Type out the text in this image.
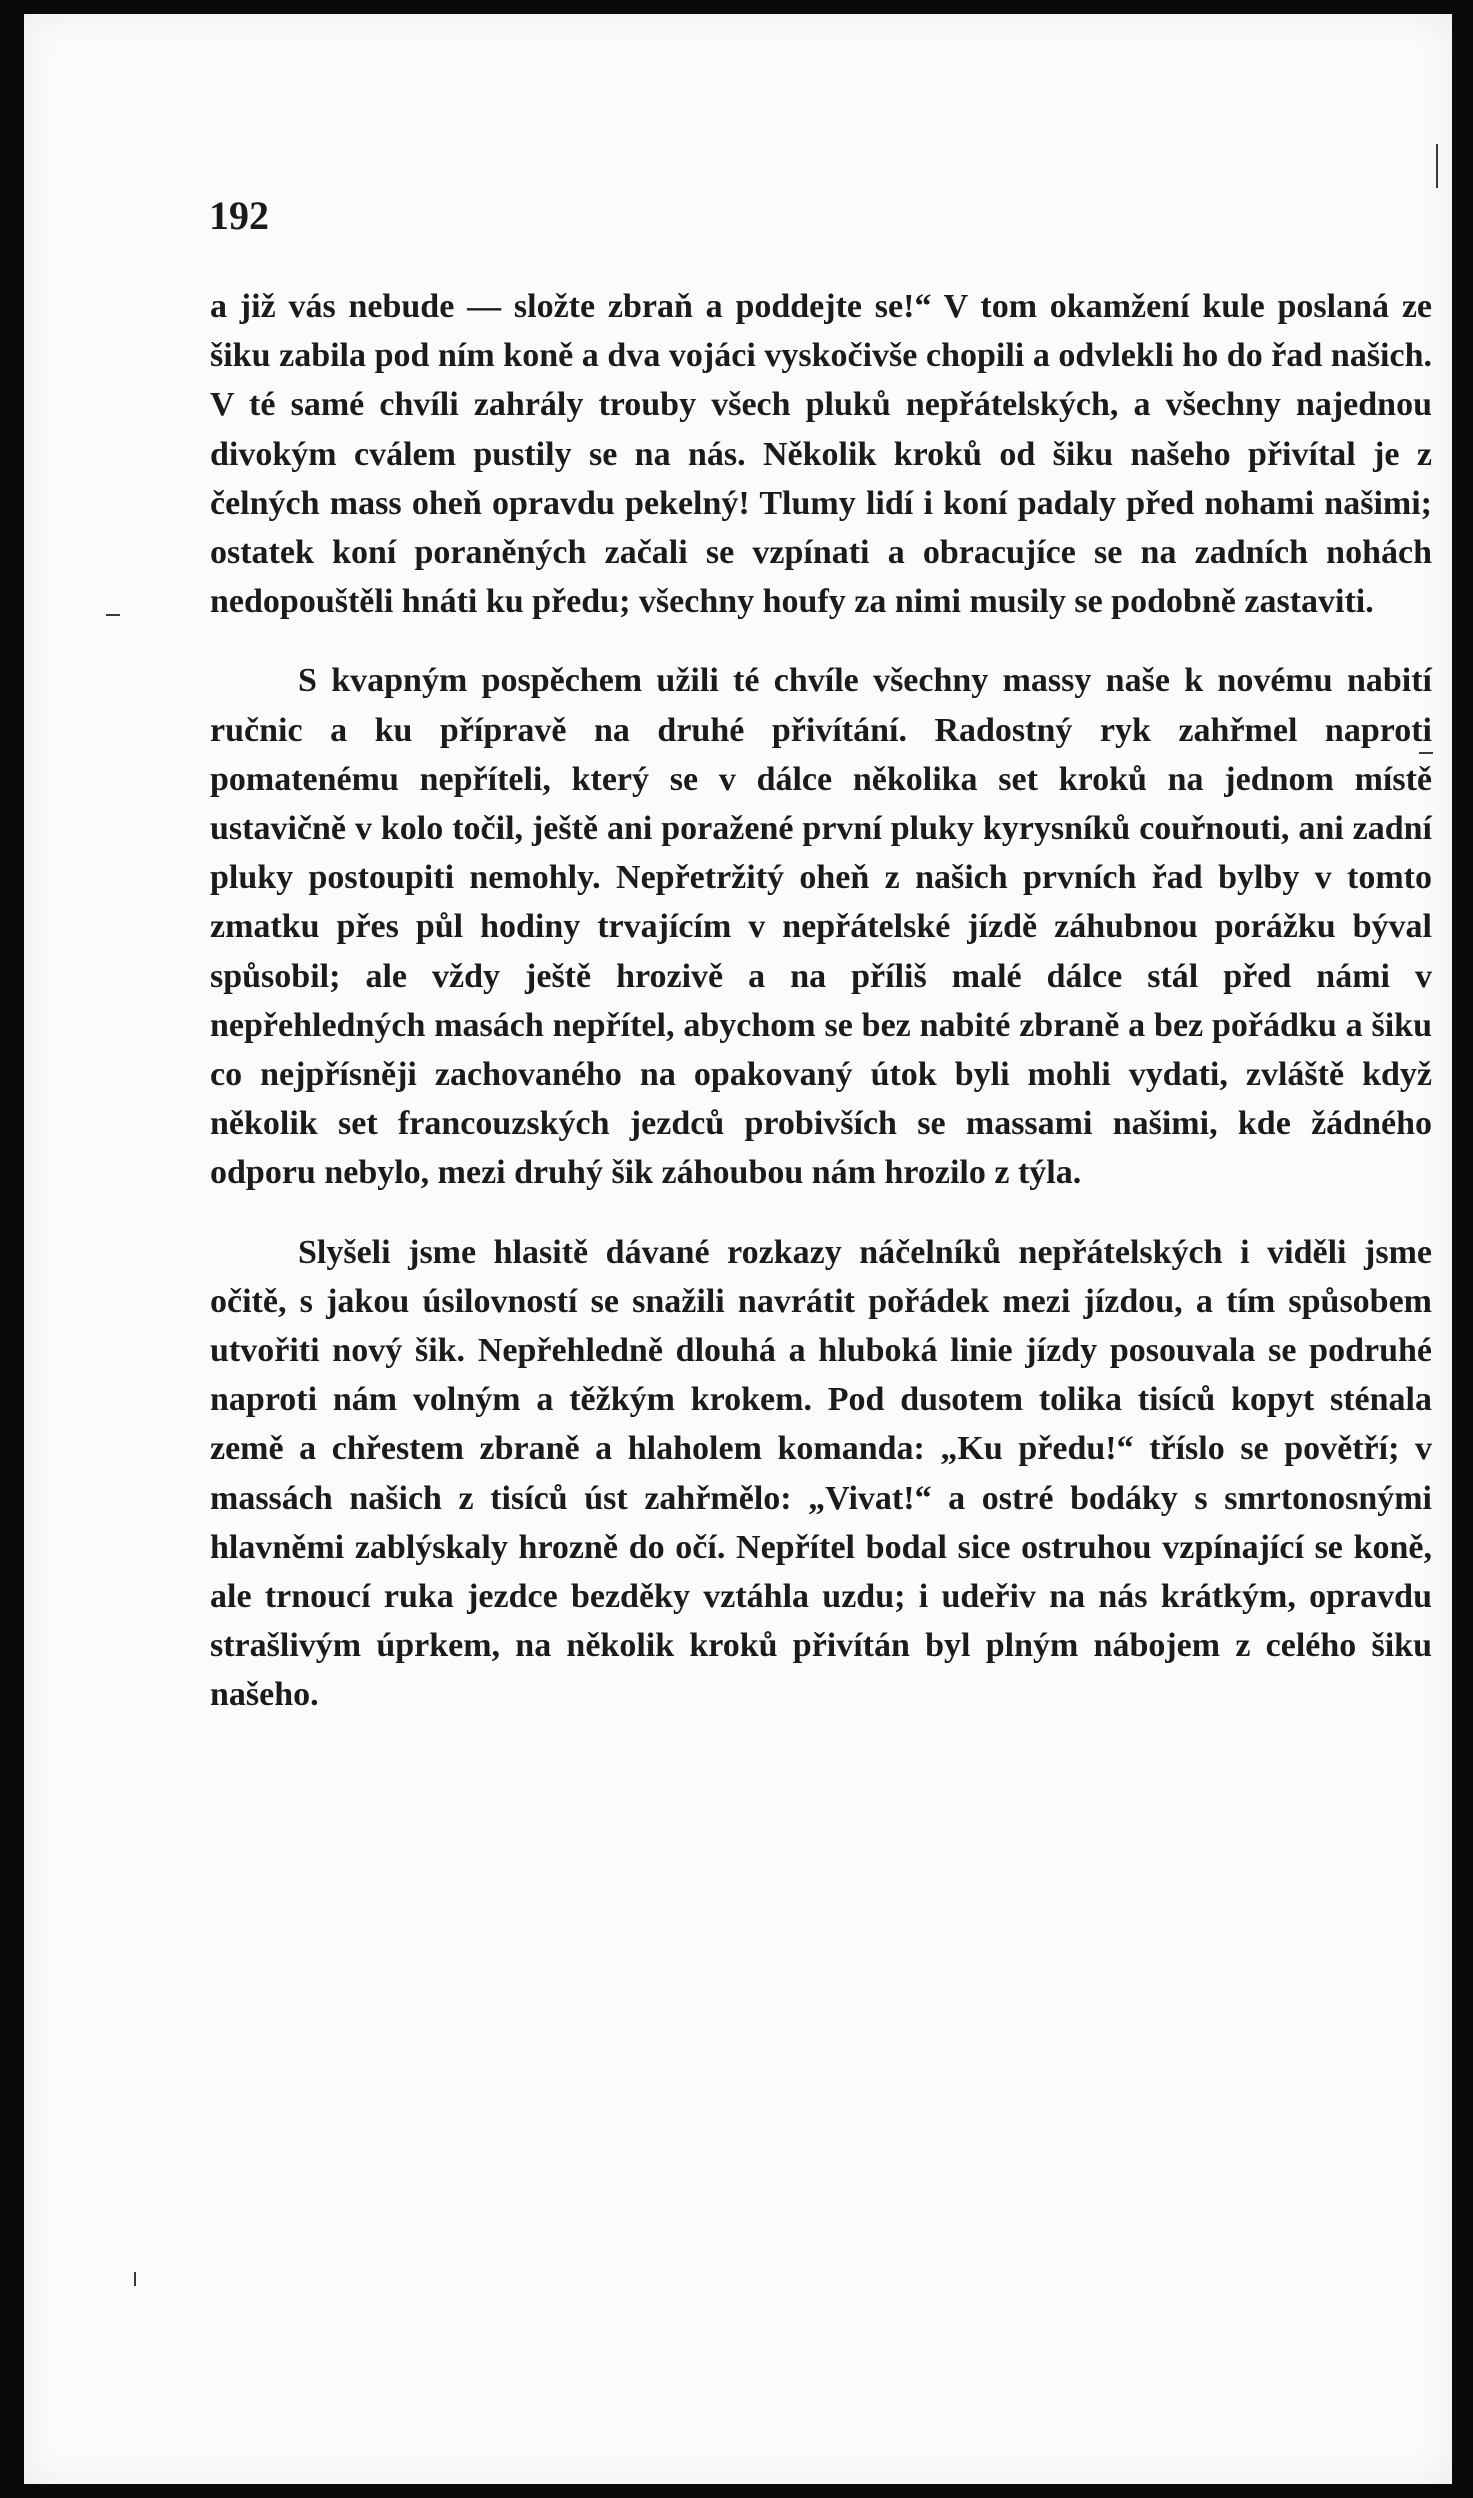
192

a již vás nebude — složte zbraň a poddejte se!“ V tom okamžení kule poslaná ze šiku zabila pod ním koně a dva vojáci vyskočivše chopili a odvlekli ho do řad našich. V té samé chvíli zahrály trouby všech pluků nepřátelských, a všechny najednou divokým cválem pustily se na nás. Několik kroků od šiku našeho přivítal je z čelných mass oheň opravdu pekelný! Tlumy lidí i koní padaly před nohami našimi; ostatek koní poraněných začali se vzpínati a obracujíce se na zadních nohách nedopouštěli hnáti ku předu; všechny houfy za nimi musily se podobně zastaviti.

S kvapným pospěchem užili té chvíle všechny massy naše k novému nabití ručnic a ku přípravě na druhé přivítání. Radostný ryk zahřmel naproti pomatenému nepříteli, který se v dálce několika set kroků na jednom místě ustavičně v kolo točil, ještě ani poražené první pluky kyrysníků couřnouti, ani zadní pluky postoupiti nemohly. Nepřetržitý oheň z našich prvních řad bylby v tomto zmatku přes půl hodiny trvajícím v nepřátelské jízdě záhubnou porážku býval spůsobil; ale vždy ještě hrozivě a na příliš malé dálce stál před námi v nepřehledných masách nepřítel, abychom se bez nabité zbraně a bez pořádku a šiku co nejpřísněji zachovaného na opakovaný útok byli mohli vydati, zvláště když několik set francouzských jezdců probivších se massami našimi, kde žádného odporu nebylo, mezi druhý šik záhoubou nám hrozilo z týla.

Slyšeli jsme hlasitě dávané rozkazy náčelníků nepřátelských i viděli jsme očitě, s jakou úsilovností se snažili navrátit pořádek mezi jízdou, a tím spůsobem utvořiti nový šik. Nepřehledně dlouhá a hluboká linie jízdy posouvala se podruhé naproti nám volným a těžkým krokem. Pod dusotem tolika tisíců kopyt sténala země a chřestem zbraně a hlaholem komanda: „Ku předu!“ tříslo se povětří; v massách našich z tisíců úst zahřmělo: „Vivat!“ a ostré bodáky s smrtonosnými hlavněmi zablýskaly hrozně do očí. Nepřítel bodal sice ostruhou vzpínající se koně, ale trnoucí ruka jezdce bezděky vztáhla uzdu; i udeřiv na nás krátkým, opravdu strašlivým úprkem, na několik kroků přivítán byl plným nábojem z celého šiku našeho.
